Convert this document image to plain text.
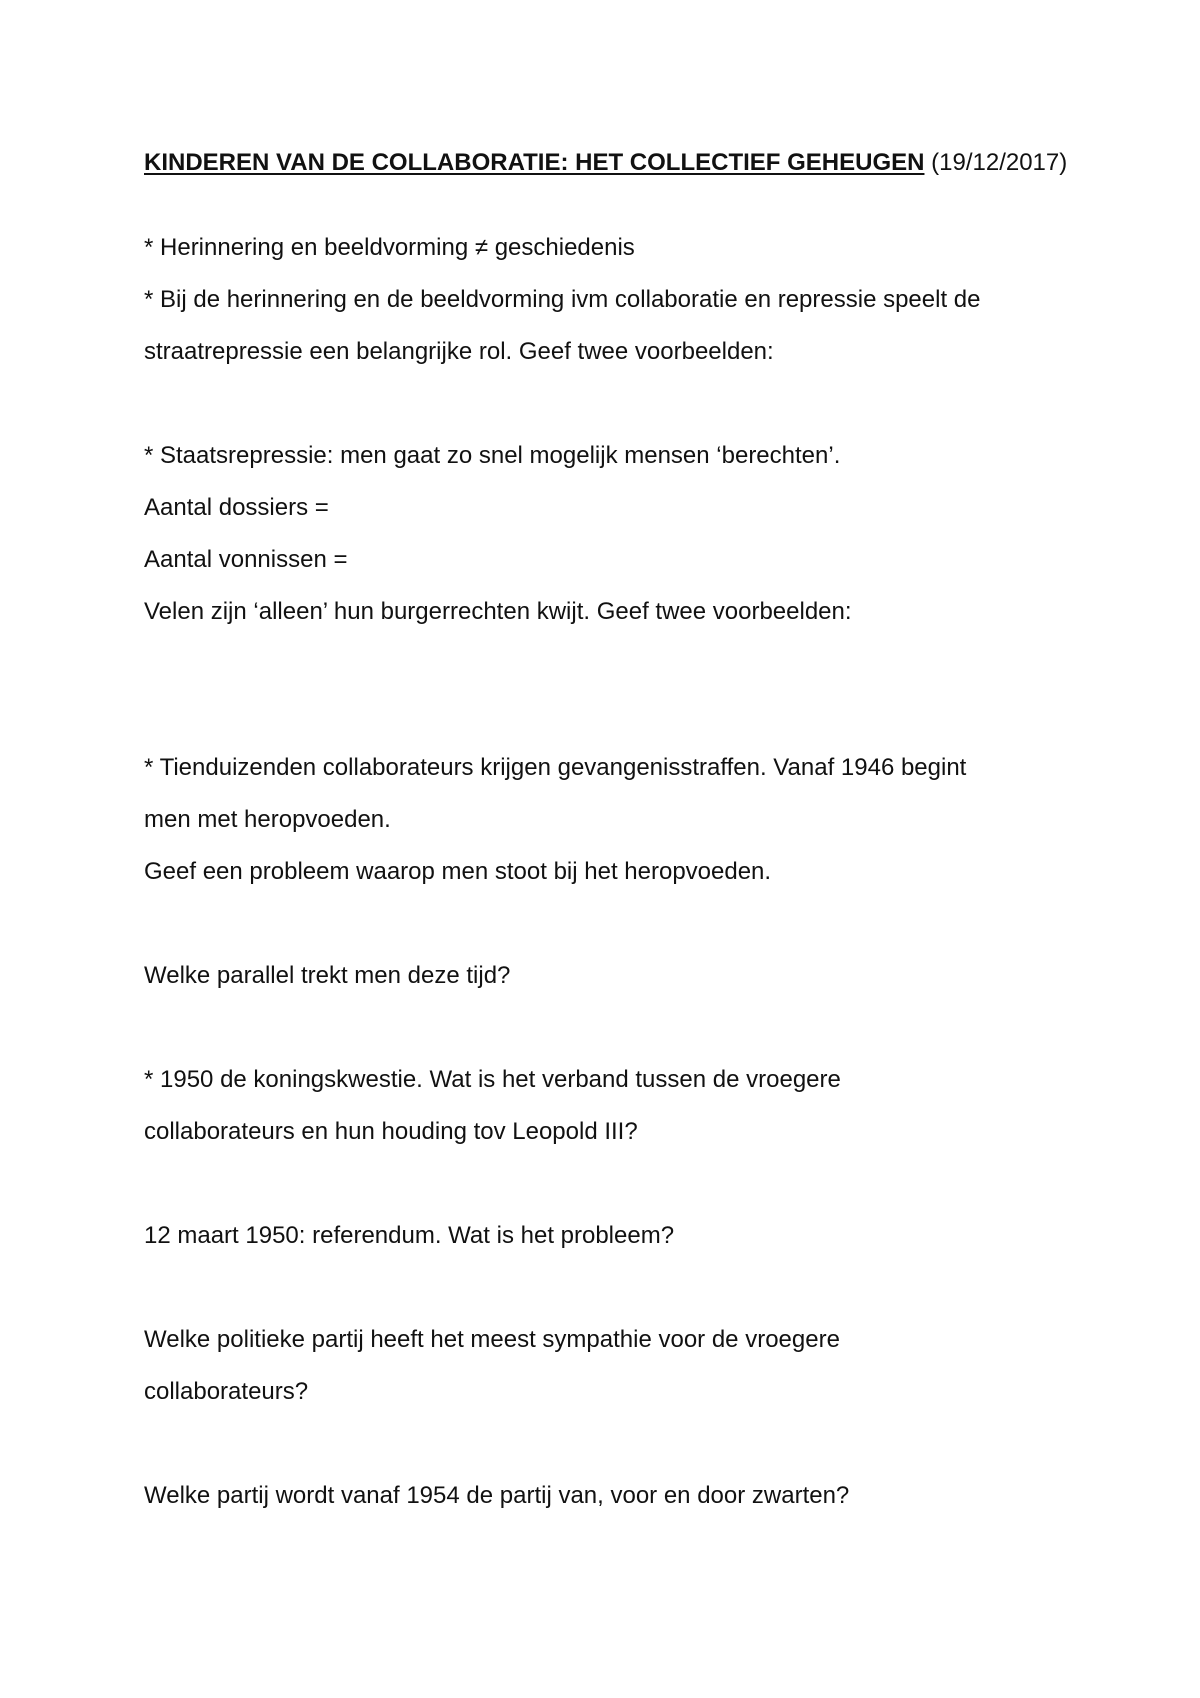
KINDEREN VAN DE COLLABORATIE: HET COLLECTIEF GEHEUGEN (19/12/2017)
* Herinnering en beeldvorming ≠ geschiedenis
* Bij de herinnering en de beeldvorming ivm collaboratie en repressie speelt de
straatrepressie een belangrijke rol. Geef twee voorbeelden:
* Staatsrepressie: men gaat zo snel mogelijk mensen ‘berechten’.
Aantal dossiers =
Aantal vonnissen =
Velen zijn ‘alleen’ hun burgerrechten kwijt. Geef twee voorbeelden:
* Tienduizenden collaborateurs krijgen gevangenisstraffen. Vanaf 1946 begint
men met heropvoeden.
Geef een probleem waarop men stoot bij het heropvoeden.
Welke parallel trekt men deze tijd?
* 1950 de koningskwestie. Wat is het verband tussen de vroegere
collaborateurs en hun houding tov Leopold III?
12 maart 1950: referendum. Wat is het probleem?
Welke politieke partij heeft het meest sympathie voor de vroegere
collaborateurs?
Welke partij wordt vanaf 1954 de partij van, voor en door zwarten?
